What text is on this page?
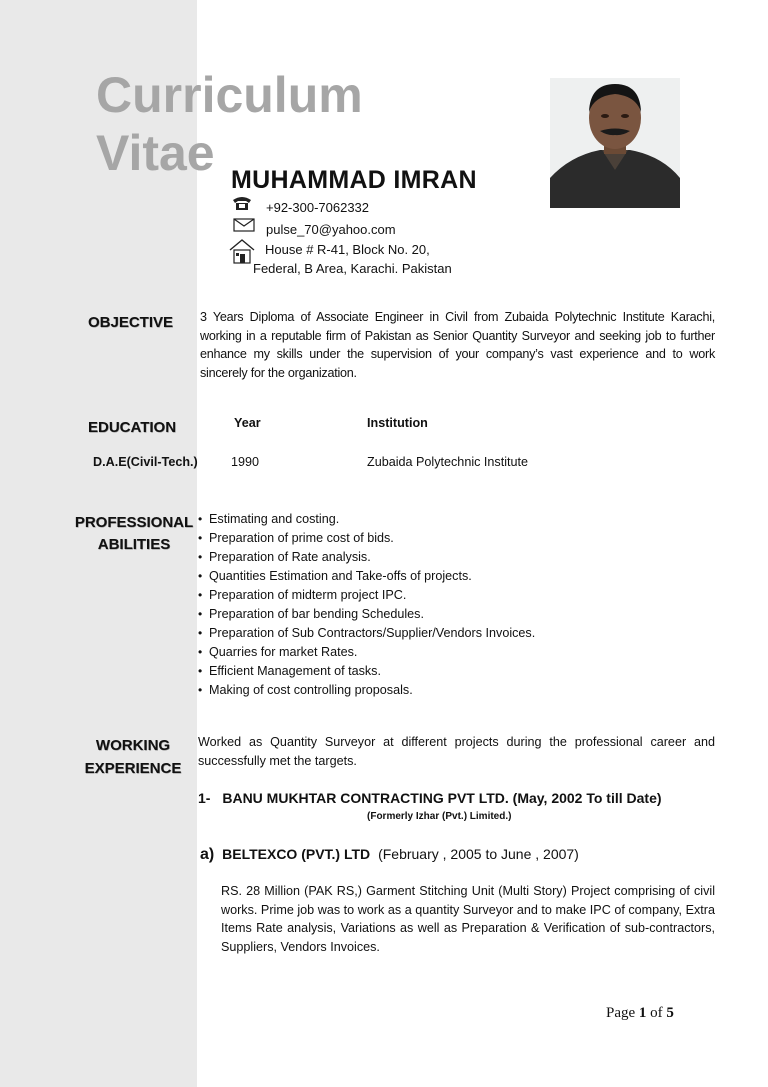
Curriculum
Vitae MUHAMMAD IMRAN
+92-300-7062332
pulse_70@yahoo.com
House # R-41, Block No. 20,
Federal, B Area, Karachi. Pakistan
OBJECTIVE 3 Years Diploma of Associate Engineer in Civil from Zubaida Polytechnic Institute Karachi, working in a reputable firm of Pakistan as Senior Quantity Surveyor and seeking job to further enhance my skills under the supervision of your company’s vast experience and to work sincerely for the organization.
EDUCATION	Year	Institution
D.A.E(Civil-Tech.)	1990	Zubaida Polytechnic Institute
PROFESSIONAL
ABILITIES
• Estimating and costing.
• Preparation of prime cost of bids.
• Preparation of Rate analysis.
• Quantities Estimation and Take-offs of projects.
• Preparation of midterm project IPC.
• Preparation of bar bending Schedules.
• Preparation of Sub Contractors/Supplier/Vendors Invoices.
• Quarries for market Rates.
• Efficient Management of tasks.
• Making of cost controlling proposals.
WORKING
EXPERIENCE
Worked as Quantity Surveyor at different projects during the professional career and successfully met the targets.
1- BANU MUKHTAR CONTRACTING PVT LTD. (May, 2002 To till Date)
(Formerly Izhar (Pvt.) Limited.)
a) BELTEXCO (PVT.) LTD (February , 2005 to June , 2007)
RS. 28 Million (PAK RS,) Garment Stitching Unit (Multi Story) Project comprising of civil works. Prime job was to work as a quantity Surveyor and to make IPC of company, Extra Items Rate analysis, Variations as well as Preparation & Verification of sub-contractors, Suppliers, Vendors Invoices.
Page 1 of 5
